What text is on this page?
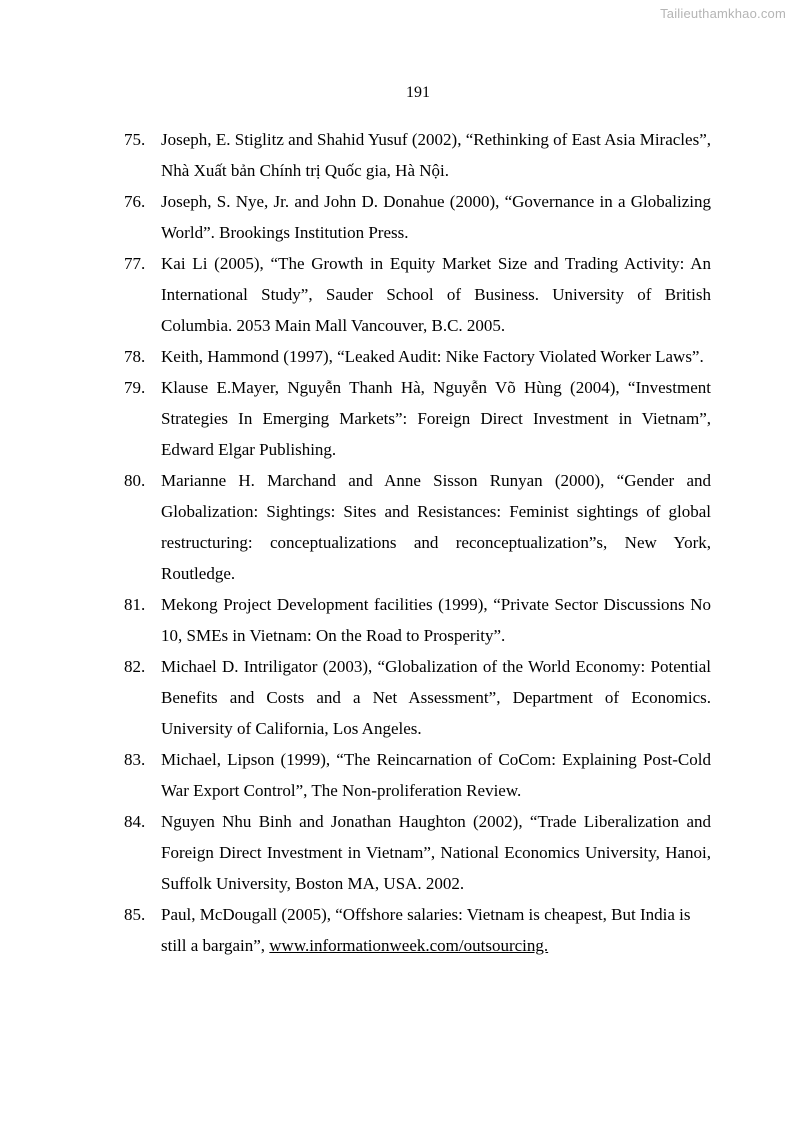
Tailieuthamkhao.com
191
75. Joseph, E. Stiglitz and Shahid Yusuf (2002), “Rethinking of East Asia Miracles”, Nhà Xuất bản Chính trị Quốc gia, Hà Nội.
76. Joseph, S. Nye, Jr. and John D. Donahue (2000), “Governance in a Globalizing World”. Brookings Institution Press.
77. Kai Li (2005), “The Growth in Equity Market Size and Trading Activity: An International Study”, Sauder School of Business. University of British Columbia. 2053 Main Mall Vancouver, B.C. 2005.
78. Keith, Hammond (1997), “Leaked Audit: Nike Factory Violated Worker Laws”.
79. Klause E.Mayer, Nguyễn Thanh Hà, Nguyễn Võ Hùng (2004), “Investment Strategies In Emerging Markets”: Foreign Direct Investment in Vietnam”, Edward Elgar Publishing.
80. Marianne H. Marchand and Anne Sisson Runyan (2000), “Gender and Globalization: Sightings: Sites and Resistances: Feminist sightings of global restructuring: conceptualizations and reconceptualization”s, New York, Routledge.
81. Mekong Project Development facilities (1999), “Private Sector Discussions No 10, SMEs in Vietnam: On the Road to Prosperity”.
82. Michael D. Intriligator (2003), “Globalization of the World Economy: Potential Benefits and Costs and a Net Assessment”, Department of Economics. University of California, Los Angeles.
83. Michael, Lipson (1999), “The Reincarnation of CoCom: Explaining Post-Cold War Export Control”, The Non-proliferation Review.
84. Nguyen Nhu Binh and Jonathan Haughton (2002), “Trade Liberalization and Foreign Direct Investment in Vietnam”, National Economics University, Hanoi, Suffolk University, Boston MA, USA. 2002.
85. Paul, McDougall (2005), “Offshore salaries: Vietnam is cheapest, But India is still a bargain”, www.informationweek.com/outsourcing.
